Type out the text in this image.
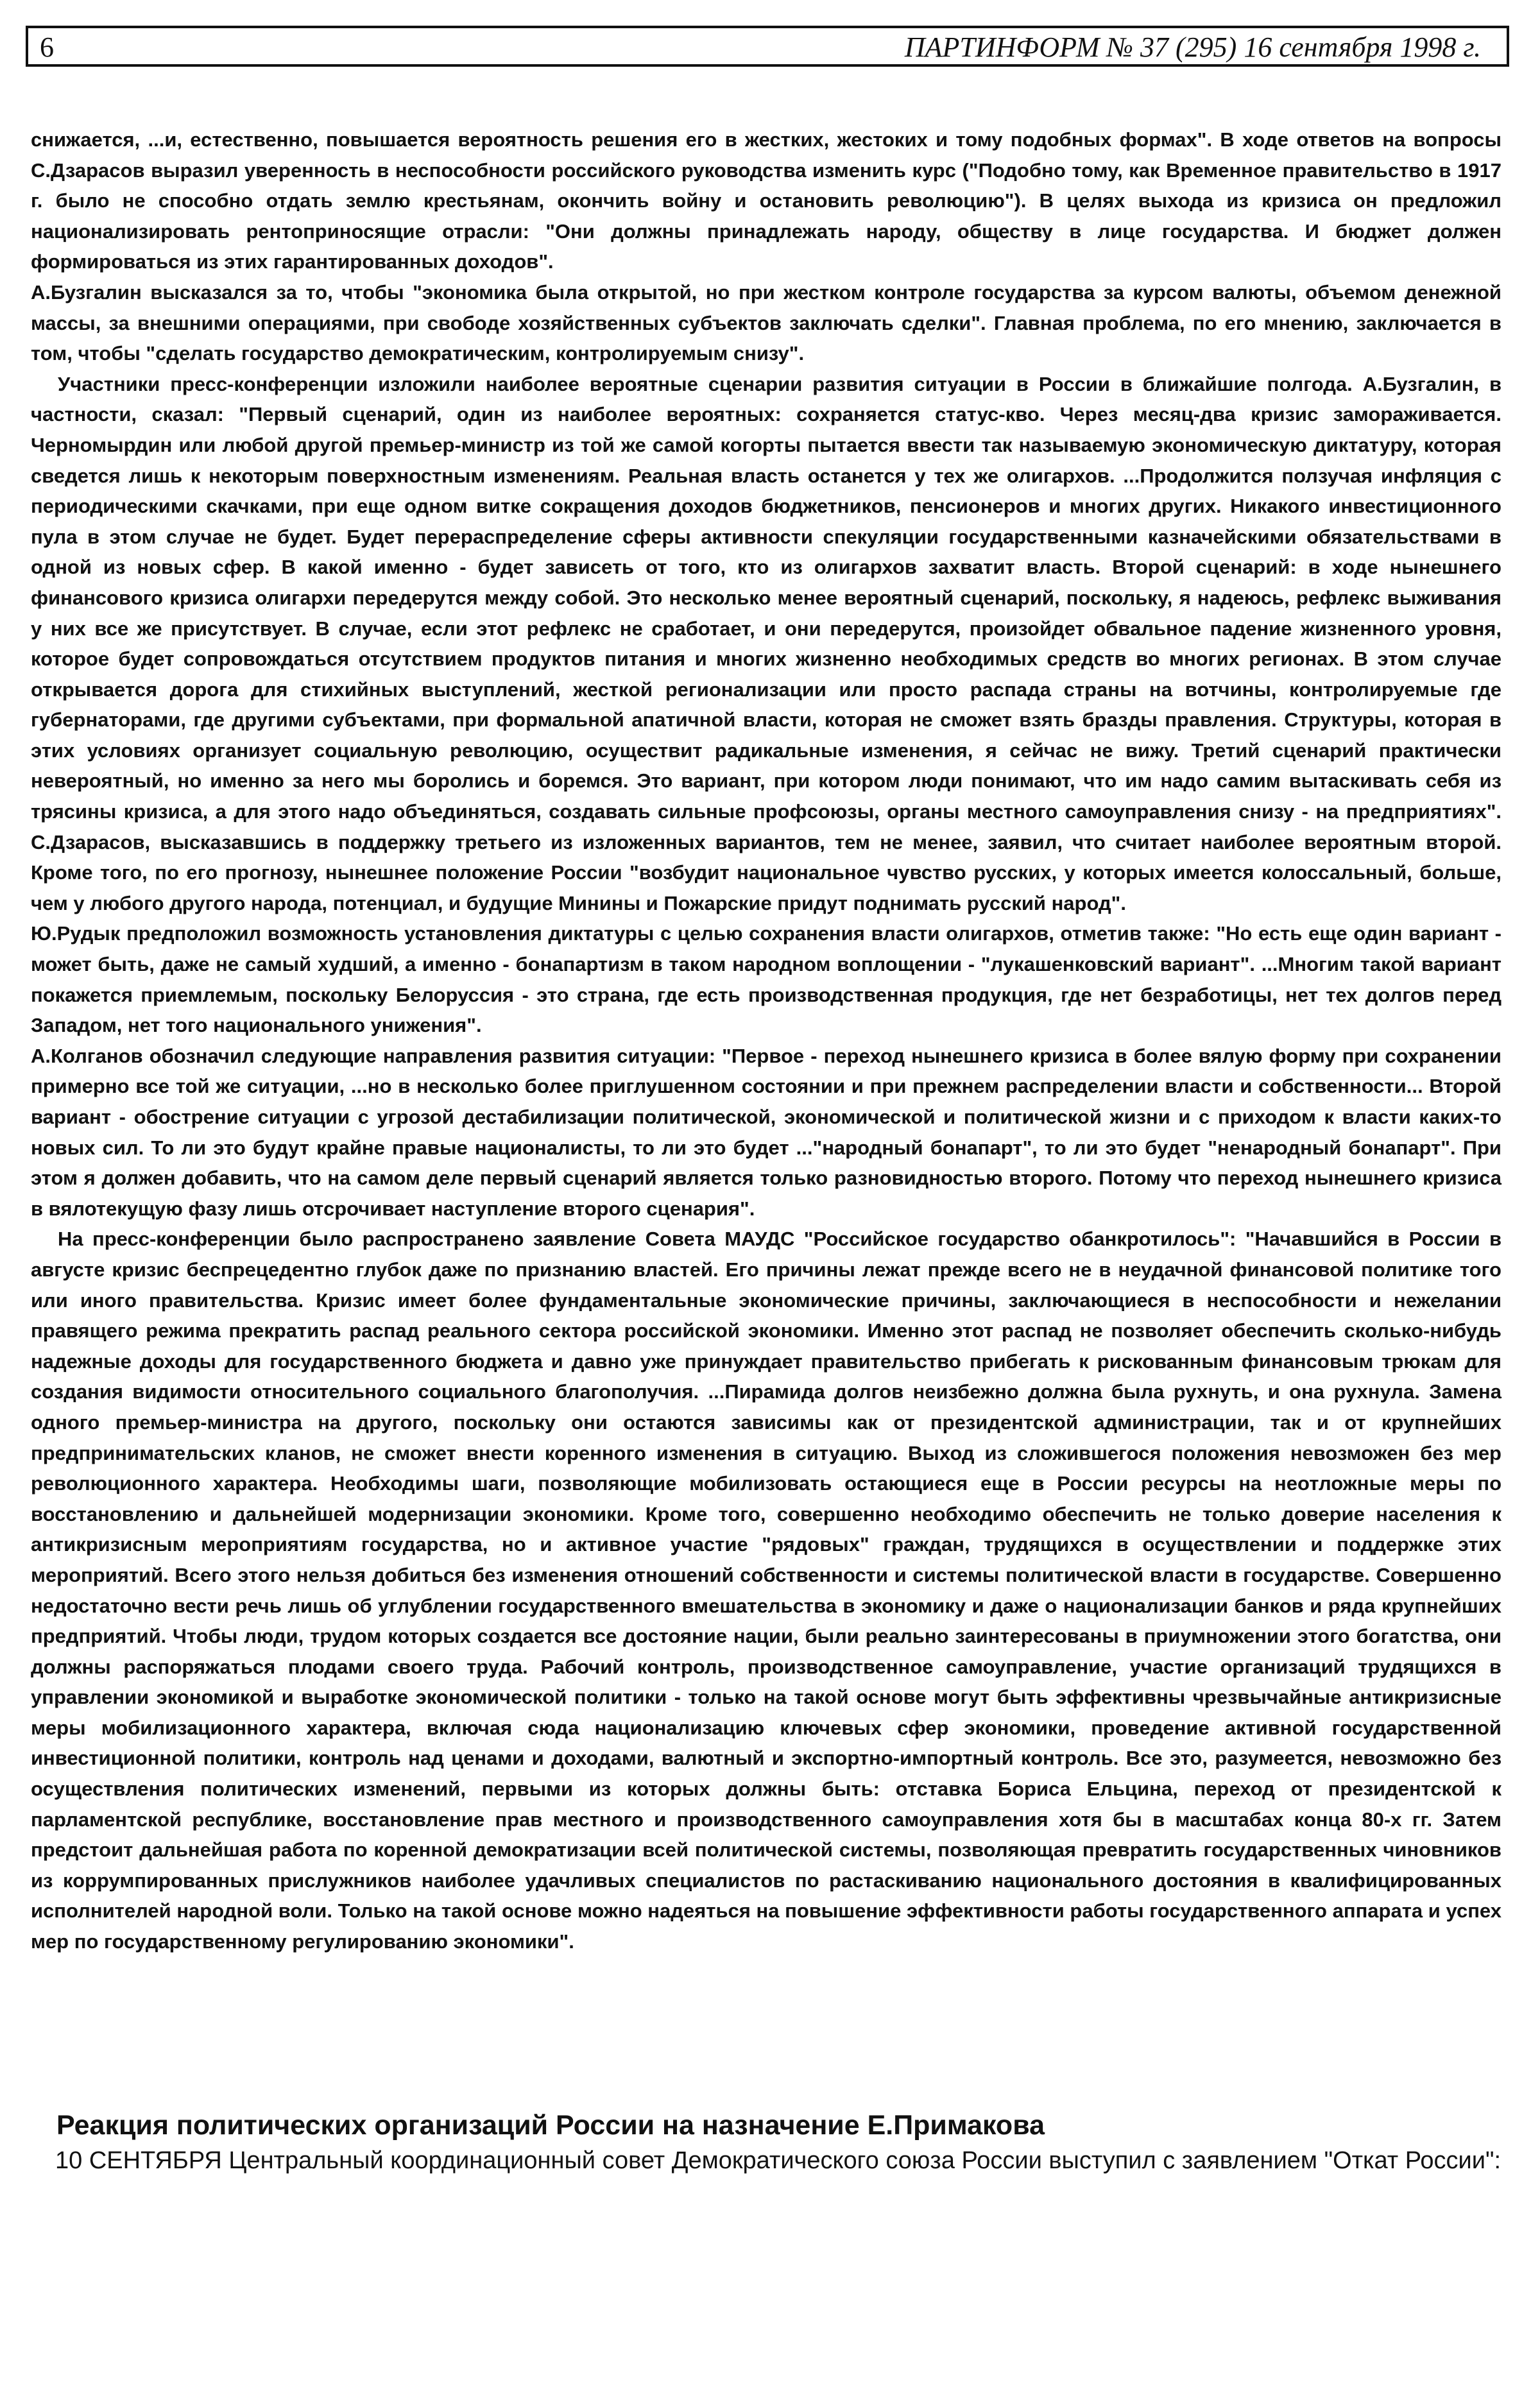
6	ПАРТИНФОРМ № 37 (295) 16 сентября 1998 г.

снижается, ...и, естественно, повышается вероятность решения его в жестких, жестоких и тому подобных формах". В ходе ответов на вопросы С.Дзарасов выразил уверенность в неспособности российского руководства изменить курс ("Подобно тому, как Временное правительство в 1917 г. было не способно отдать землю крестьянам, окончить войну и остановить революцию"). В целях выхода из кризиса он предложил национализировать рентоприносящие отрасли: "Они должны принадлежать народу, обществу в лице государства. И бюджет должен формироваться из этих гарантированных доходов".

А.Бузгалин высказался за то, чтобы "экономика была открытой, но при жестком контроле государства за курсом валюты, объемом денежной массы, за внешними операциями, при свободе хозяйственных субъектов заключать сделки". Главная проблема, по его мнению, заключается в том, чтобы "сделать государство демократическим, контролируемым снизу".

Участники пресс-конференции изложили наиболее вероятные сценарии развития ситуации в России в ближайшие полгода. А.Бузгалин, в частности, сказал: "Первый сценарий, один из наиболее вероятных: сохраняется статус-кво. Через месяц-два кризис замораживается. Черномырдин или любой другой премьер-министр из той же самой когорты пытается ввести так называемую экономическую диктатуру, которая сведется лишь к некоторым поверхностным изменениям. Реальная власть останется у тех же олигархов. ...Продолжится ползучая инфляция с периодическими скачками, при еще одном витке сокращения доходов бюджетников, пенсионеров и многих других. Никакого инвестиционного пула в этом случае не будет. Будет перераспределение сферы активности спекуляции государственными казначейскими обязательствами в одной из новых сфер. В какой именно - будет зависеть от того, кто из олигархов захватит власть. Второй сценарий: в ходе нынешнего финансового кризиса олигархи передерутся между собой. Это несколько менее вероятный сценарий, поскольку, я надеюсь, рефлекс выживания у них все же присутствует. В случае, если этот рефлекс не сработает, и они передерутся, произойдет обвальное падение жизненного уровня, которое будет сопровождаться отсутствием продуктов питания и многих жизненно необходимых средств во многих регионах. В этом случае открывается дорога для стихийных выступлений, жесткой регионализации или просто распада страны на вотчины, контролируемые где губернаторами, где другими субъектами, при формальной апатичной власти, которая не сможет взять бразды правления. Структуры, которая в этих условиях организует социальную революцию, осуществит радикальные изменения, я сейчас не вижу. Третий сценарий практически невероятный, но именно за него мы боролись и боремся. Это вариант, при котором люди понимают, что им надо самим вытаскивать себя из трясины кризиса, а для этого надо объединяться, создавать сильные профсоюзы, органы местного самоуправления снизу - на предприятиях". С.Дзарасов, высказавшись в поддержку третьего из изложенных вариантов, тем не менее, заявил, что считает наиболее вероятным второй. Кроме того, по его прогнозу, нынешнее положение России "возбудит национальное чувство русских, у которых имеется колоссальный, больше, чем у любого другого народа, потенциал, и будущие Минины и Пожарские придут поднимать русский народ".

Ю.Рудык предположил возможность установления диктатуры с целью сохранения власти олигархов, отметив также: "Но есть еще один вариант - может быть, даже не самый худший, а именно - бонапартизм в таком народном воплощении - "лукашенковский вариант". ...Многим такой вариант покажется приемлемым, поскольку Белоруссия - это страна, где есть производственная продукция, где нет безработицы, нет тех долгов перед Западом, нет того национального унижения".

А.Колганов обозначил следующие направления развития ситуации: "Первое - переход нынешнего кризиса в более вялую форму при сохранении примерно все той же ситуации, ...но в несколько более приглушенном состоянии и при прежнем распределении власти и собственности... Второй вариант - обострение ситуации с угрозой дестабилизации политической, экономической и политической жизни и с приходом к власти каких-то новых сил. То ли это будут крайне правые националисты, то ли это будет ..."народный бонапарт", то ли это будет "ненародный бонапарт". При этом я должен добавить, что на самом деле первый сценарий является только разновидностью второго. Потому что переход нынешнего кризиса в вялотекущую фазу лишь отсрочивает наступление второго сценария".

На пресс-конференции было распространено заявление Совета МАУДС "Российское государство обанкротилось": "Начавшийся в России в августе кризис беспрецедентно глубок даже по признанию властей. Его причины лежат прежде всего не в неудачной финансовой политике того или иного правительства. Кризис имеет более фундаментальные экономические причины, заключающиеся в неспособности и нежелании правящего режима прекратить распад реального сектора российской экономики. Именно этот распад не позволяет обеспечить сколько-нибудь надежные доходы для государственного бюджета и давно уже принуждает правительство прибегать к рискованным финансовым трюкам для создания видимости относительного социального благополучия. ...Пирамида долгов неизбежно должна была рухнуть, и она рухнула. Замена одного премьер-министра на другого, поскольку они остаются зависимы как от президентской администрации, так и от крупнейших предпринимательских кланов, не сможет внести коренного изменения в ситуацию. Выход из сложившегося положения невозможен без мер революционного характера. Необходимы шаги, позволяющие мобилизовать остающиеся еще в России ресурсы на неотложные меры по восстановлению и дальнейшей модернизации экономики. Кроме того, совершенно необходимо обеспечить не только доверие населения к антикризисным мероприятиям государства, но и активное участие "рядовых" граждан, трудящихся в осуществлении и поддержке этих мероприятий. Всего этого нельзя добиться без изменения отношений собственности и системы политической власти в государстве. Совершенно недостаточно вести речь лишь об углублении государственного вмешательства в экономику и даже о национализации банков и ряда крупнейших предприятий. Чтобы люди, трудом которых создается все достояние нации, были реально заинтересованы в приумножении этого богатства, они должны распоряжаться плодами своего труда. Рабочий контроль, производственное самоуправление, участие организаций трудящихся в управлении экономикой и выработке экономической политики - только на такой основе могут быть эффективны чрезвычайные антикризисные меры мобилизационного характера, включая сюда национализацию ключевых сфер экономики, проведение активной государственной инвестиционной политики, контроль над ценами и доходами, валютный и экспортно-импортный контроль. Все это, разумеется, невозможно без осуществления политических изменений, первыми из которых должны быть: отставка Бориса Ельцина, переход от президентской к парламентской республике, восстановление прав местного и производственного самоуправления хотя бы в масштабах конца 80-х гг. Затем предстоит дальнейшая работа по коренной демократизации всей политической системы, позволяющая превратить государственных чиновников из коррумпированных прислужников наиболее удачливых специалистов по растаскиванию национального достояния в квалифицированных исполнителей народной воли. Только на такой основе можно надеяться на повышение эффективности работы государственного аппарата и успех мер по государственному регулированию экономики".

Реакция политических организаций России на назначение Е.Примакова
10 СЕНТЯБРЯ Центральный координационный совет Демократического союза России выступил с заявлением "Откат России":
